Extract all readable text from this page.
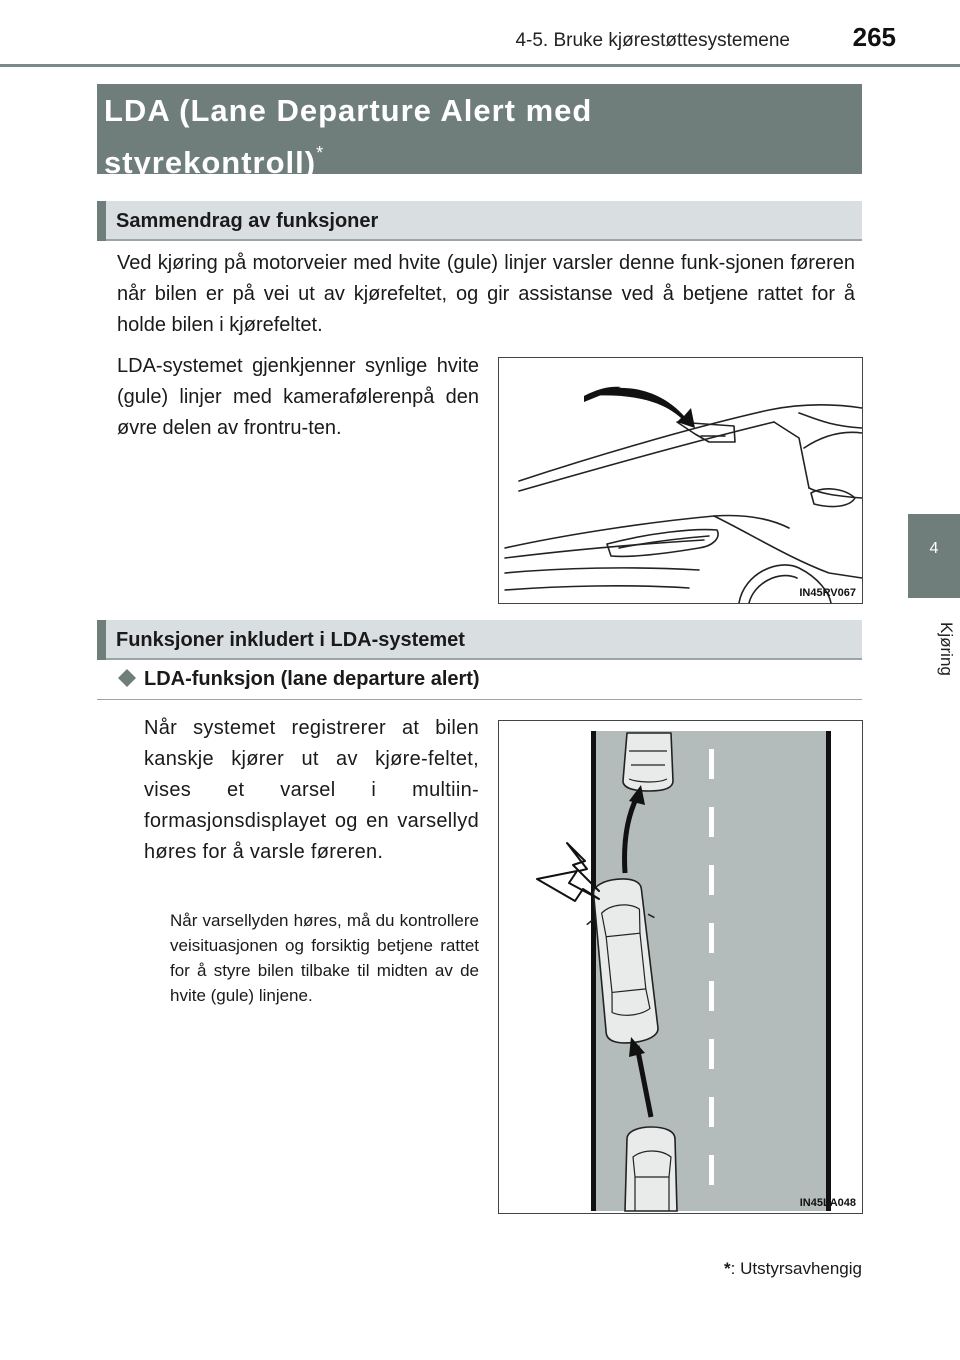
4-5. Bruke kjørestøttesystemene	265
4
Kjøring
LDA (Lane Departure Alert med
styrekontroll)*
Sammendrag av funksjoner

Ved kjøring på motorveier med hvite (gule) linjer varsler denne funk-sjonen føreren når bilen er på vei ut av kjørefeltet, og gir assistanse ved å betjene rattet for å holde bilen i kjørefeltet.

LDA-systemet gjenkjenner synlige hvite (gule) linjer med kamerafølerenpå den øvre delen av frontru-ten.

IN45RV067
Funksjoner inkludert i LDA-systemet
LDA-funksjon (lane departure alert)

Når systemet registrerer at bilen kanskje kjører ut av kjøre-feltet, vises et varsel i multiin-formasjonsdisplayet og en varsellyd høres for å varsle føreren.

Når varsellyden høres, må du kontrollere veisituasjonen og forsiktig betjene rattet for å styre bilen tilbake til midten av de hvite (gule) linjene.

IN45LA048
*: Utstyrsavhengig
